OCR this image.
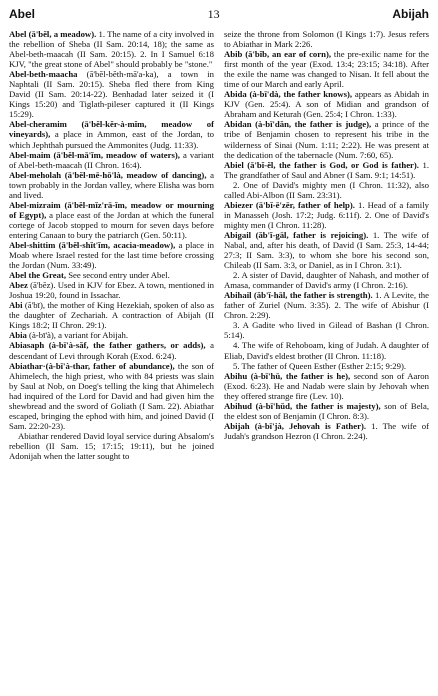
Abel	13	Abijah

Abel (ā'bĕl, a meadow). 1. The name of a city involved in the rebellion of Sheba (II Sam. 20:14, 18); the same as Abel-beth-maacah (II Sam. 20:15). 2. In I Samuel 6:18 KJV, "the great stone of Abel" should probably be "stone."

Abel-beth-maacha (ā'bĕl-bĕth-mā'a-ka), a town in Naphtali (II Sam. 20:15). Sheba fled there from King David (II Sam. 20:14-22). Benhadad later seized it (I Kings 15:20) and Tiglath-pileser captured it (II Kings 15:29).

Abel-cheramim (ā'bĕl-kĕr-à-mĭm, meadow of vineyards), a place in Ammon, east of the Jordan, to which Jephthah pursued the Ammonites (Judg. 11:33).

Abel-maim (ā'bĕl-mā'ĭm, meadow of waters), a variant of Abel-beth-maacah (II Chron. 16:4).

Abel-meholah (ā'bĕl-mē-hō'là, meadow of dancing), a town probably in the Jordan valley, where Elisha was born and lived.

Abel-mizraim (ā'bĕl-mĭz'rā-ĭm, meadow or mourning of Egypt), a place east of the Jordan at which the funeral cortege of Jacob stopped to mourn for seven days before entering Canaan to bury the patriarch (Gen. 50:11).

Abel-shittim (ā'bĕl-shĭt'ĭm, acacia-meadow), a place in Moab where Israel rested for the last time before crossing the Jordan (Num. 33:49).

Abel the Great, See second entry under Abel.

Abez (ā'bĕz). Used in KJV for Ebez. A town, mentioned in Joshua 19:20, found in Issachar.

Abi (ā'bī), the mother of King Hezekiah, spoken of also as the daughter of Zechariah. A contraction of Abijah (II Kings 18:2; II Chron. 29:1).

Abia (à-bī'à), a variant for Abijah.

Abiasaph (à-bī'à-săf, the father gathers, or adds), a descendant of Levi through Korah (Exod. 6:24).

Abiathar·(à-bī'à-thar, father of abundance), the son of Ahimelech, the high priest, who with 84 priests was slain by Saul at Nob, on Doeg's telling the king that Ahimelech had inquired of the Lord for David and had given him the shewbread and the sword of Goliath (I Sam. 22). Abiathar escaped, bringing the ephod with him, and joined David (I Sam. 22:20-23).

Abiathar rendered David loyal service during Absalom's rebellion (II Sam. 15; 17:15; 19:11), but he joined Adonijah when the latter sought to

seize the throne from Solomon (I Kings 1:7). Jesus refers to Abiathar in Mark 2:26.

Abib (ā'bĭb, an ear of corn), the pre-exilic name for the first month of the year (Exod. 13:4; 23:15; 34:18). After the exile the name was changed to Nisan. It fell about the time of our March and early April.

Abida (à-bī'dà, the father knows), appears as Abidah in KJV (Gen. 25:4). A son of Midian and grandson of Abraham and Keturah (Gen. 25:4; I Chron. 1:33).

Abidan (à-bī'dăn, the father is judge), a prince of the tribe of Benjamin chosen to represent his tribe in the wilderness of Sinai (Num. 1:11; 2:22). He was present at the dedication of the tabernacle (Num. 7:60, 65).

Abiel (ā'bĭ-ĕl, the father is God, or God is father). 1. The grandfather of Saul and Abner (I Sam. 9:1; 14:51).

2. One of David's mighty men (I Chron. 11:32), also called Abi-Albon (II Sam. 23:31).

Abiezer (ā'bĭ-ē'zēr, father of help). 1. Head of a family in Manasseh (Josh. 17:2; Judg. 6:11f). 2. One of David's mighty men (I Chron. 11:28).

Abigail (ăb'ĭ-gāl, father is rejoicing). 1. The wife of Nabal, and, after his death, of David (I Sam. 25:3, 14-44; 27:3; II Sam. 3:3), to whom she bore his second son, Chileab (II Sam. 3:3, or Daniel, as in I Chron. 3:1).

2. A sister of David, daughter of Nahash, and mother of Amasa, commander of David's army (I Chron. 2:16).

Abihail (ăb'ĭ-hāl, the father is strength). 1. A Levite, the father of Zuriel (Num. 3:35). 2. The wife of Abishur (I Chron. 2:29).

3. A Gadite who lived in Gilead of Bashan (I Chron. 5:14).

4. The wife of Rehoboam, king of Judah. A daughter of Eliab, David's eldest brother (II Chron. 11:18).

5. The father of Queen Esther (Esther 2:15; 9:29).

Abihu (à-bī'hū, the father is he), second son of Aaron (Exod. 6:23). He and Nadab were slain by Jehovah when they offered strange fire (Lev. 10).

Abihud (à-bī'hŭd, the father is majesty), son of Bela, the eldest son of Benjamin (I Chron. 8:3).

Abijah (à-bī'jà, Jehovah is Father). 1. The wife of Judah's grandson Hezron (I Chron. 2:24).
